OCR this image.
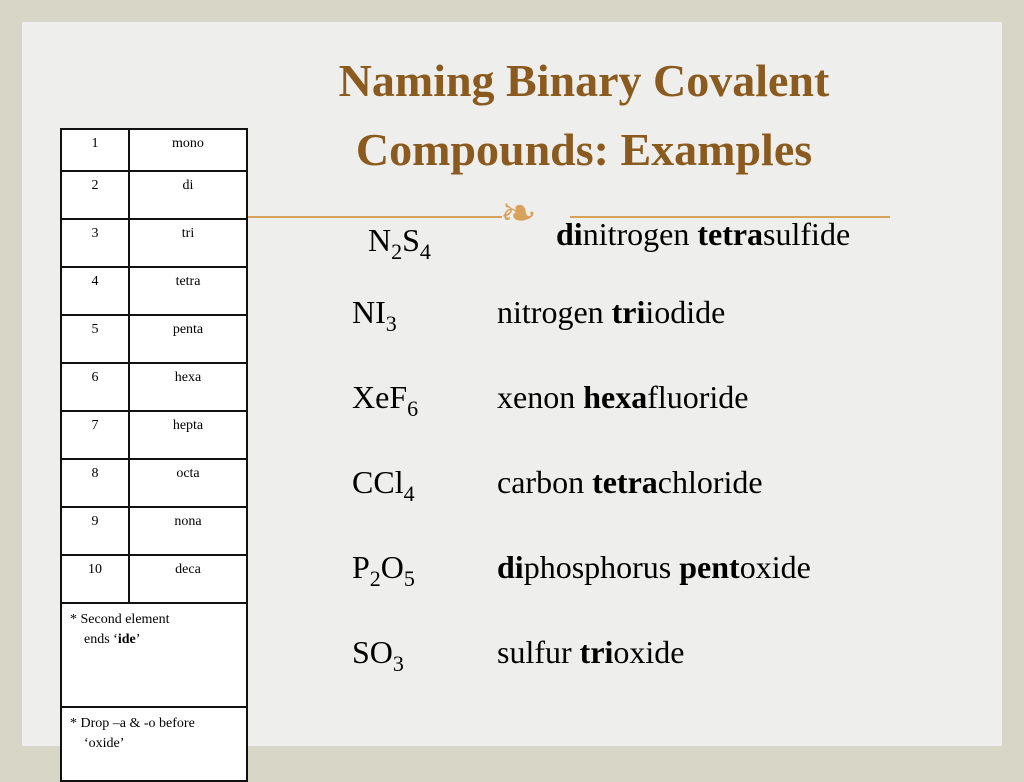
Naming Binary Covalent
Compounds: Examples
❧
1	mono
2	di
3	tri
4	tetra
5	penta
6	hexa
7	hepta
8	octa
9	nona
10	deca
* Second element
ends ‘ide’	

* Drop –a & -o before
‘oxide’	
$N_2S_4$	dinitrogen tetrasulfide
$NI_3$	nitrogen triiodide
XeF$_6$ xenon hexafluoride
CCl$_4$	carbon tetrachloride
$P_2O_5$	diphosphorus pentoxide
$SO_3$	sulfur trioxide
